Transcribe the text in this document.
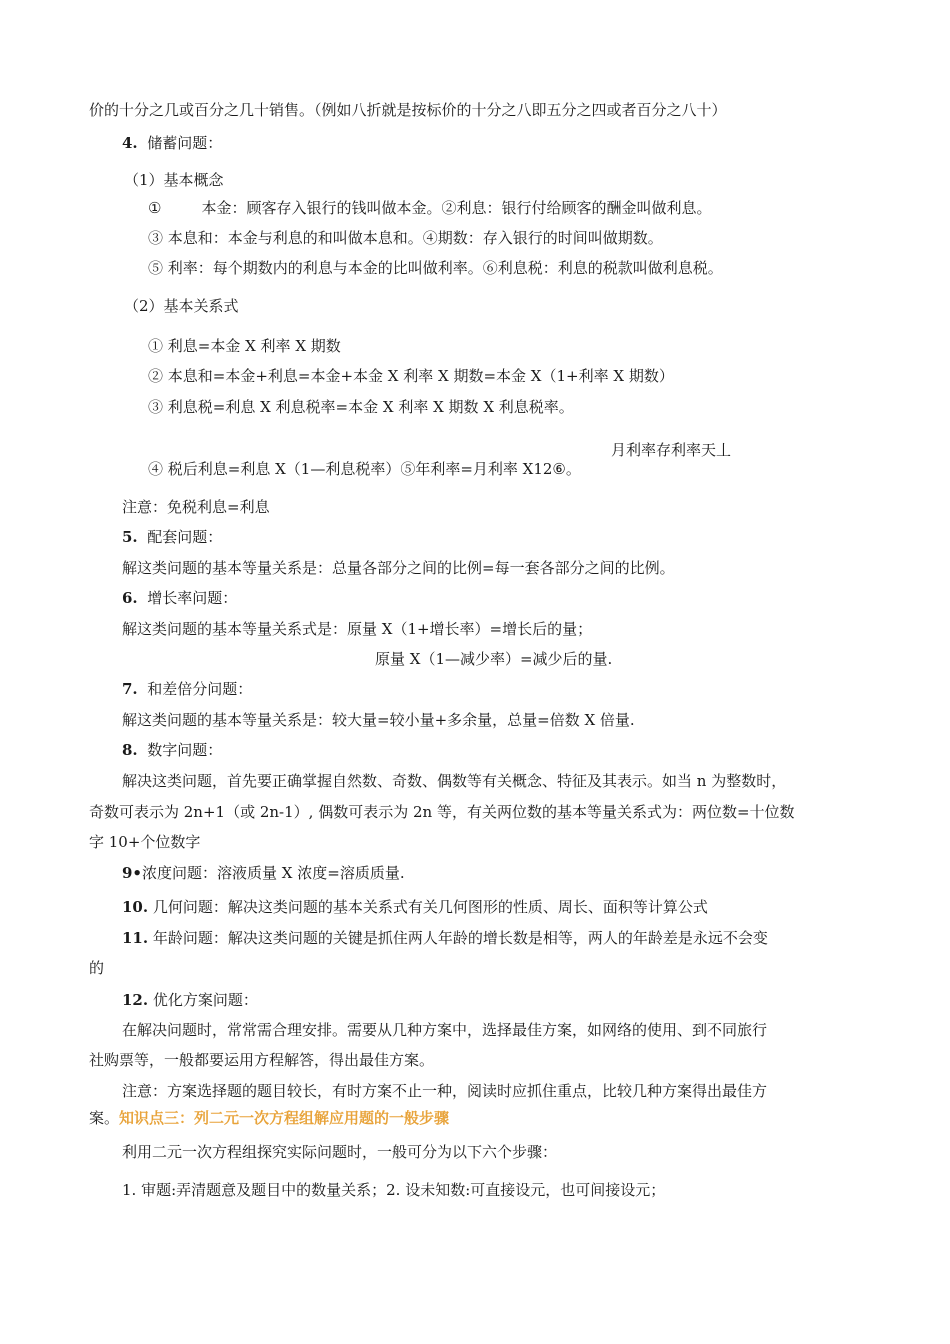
价的十分之几或百分之几十销售。（例如八折就是按标价的十分之八即五分之四或者百分之八十）
4. 储蓄问题：
（1）基本概念
①	本金：顾客存入银行的钱叫做本金。②利息：银行付给顾客的酬金叫做利息。
③ 本息和：本金与利息的和叫做本息和。④期数：存入银行的时间叫做期数。
⑤ 利率：每个期数内的利息与本金的比叫做利率。⑥利息税：利息的税款叫做利息税。
（2）基本关系式
① 利息=本金 X 利率 X 期数
② 本息和=本金+利息=本金+本金 X 利率 X 期数=本金 X（1+利率 X 期数）
③ 利息税=利息 X 利息税率=本金 X 利率 X 期数 X 利息税率。
月利率存利率天丄
④ 税后利息=利息 X（1—利息税率）⑤年利率=月利率 X12⑥。
注意：免税利息=利息
5. 配套问题：
解这类问题的基本等量关系是：总量各部分之间的比例=每一套各部分之间的比例。
6. 增长率问题：
解这类问题的基本等量关系式是：原量 X（1+增长率）=增长后的量；
原量 X（1—减少率）=减少后的量.
7. 和差倍分问题：
解这类问题的基本等量关系是：较大量=较小量+多余量，总量=倍数 X 倍量.
8. 数字问题：
解决这类问题，首先要正确掌握自然数、奇数、偶数等有关概念、特征及其表示。如当 n 为整数时，
奇数可表示为 2n+1（或 2n-1）, 偶数可表示为 2n 等，有关两位数的基本等量关系式为：两位数=十位数
字 10+个位数字
9•浓度问题：溶液质量 X 浓度=溶质质量.
10. 几何问题：解决这类问题的基本关系式有关几何图形的性质、周长、面积等计算公式
11. 年龄问题：解决这类问题的关键是抓住两人年龄的增长数是相等，两人的年龄差是永远不会变
的
12. 优化方案问题：
在解决问题时，常常需合理安排。需要从几种方案中，选择最佳方案，如网络的使用、到不同旅行
社购票等，一般都要运用方程解答，得出最佳方案。
注意：方案选择题的题目较长，有时方案不止一种，阅读时应抓住重点，比较几种方案得出最佳方
案。知识点三：列二元一次方程组解应用题的一般步骤
利用二元一次方程组探究实际问题时，一般可分为以下六个步骤：
1. 审题:弄清题意及题目中的数量关系；2. 设未知数:可直接设元，也可间接设元；
